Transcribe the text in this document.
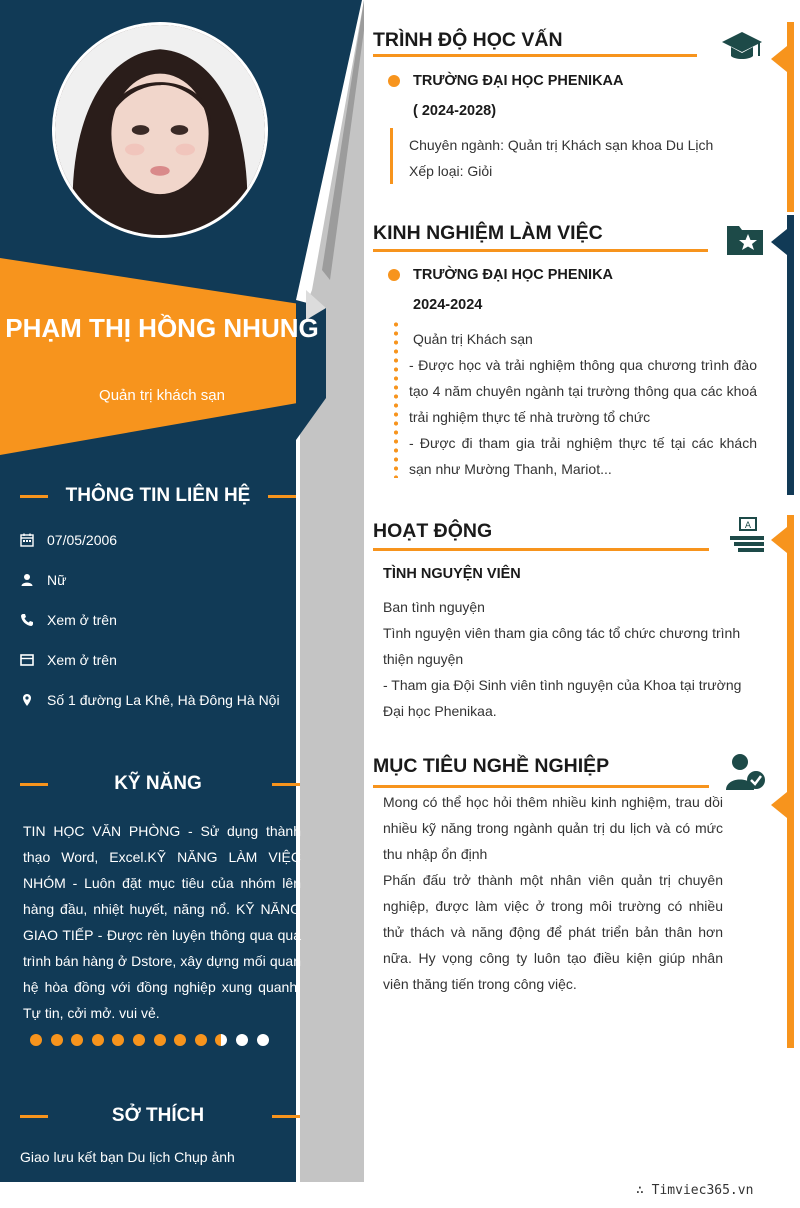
PHẠM THỊ HỒNG NHUNG
Quản trị khách sạn
THÔNG TIN LIÊN HỆ
07/05/2006
Nữ
Xem ở trên
Xem ở trên
Số 1 đường La Khê, Hà Đông Hà Nội
KỸ NĂNG
TIN HỌC VĂN PHÒNG - Sử dụng thành thạo Word, Excel.KỸ NĂNG LÀM VIỆC NHÓM - Luôn đặt mục tiêu của nhóm lên hàng đầu, nhiệt huyết, năng nổ. KỸ NĂNG GIAO TIẾP - Được rèn luyện thông qua quá trình bán hàng ở Dstore, xây dựng mối quan hệ hòa đồng với đồng nghiệp xung quanh. Tự tin, cởi mở. vui vẻ.
SỞ THÍCH
Giao lưu kết bạn Du lịch Chụp ảnh
TRÌNH ĐỘ HỌC VẤN
TRƯỜNG ĐẠI HỌC PHENIKAA
( 2024-2028)
Chuyên ngành: Quản trị Khách sạn khoa Du Lịch
Xếp loại: Giỏi
KINH NGHIỆM LÀM VIỆC
TRƯỜNG ĐẠI HỌC PHENIKA
2024-2024
Quản trị Khách sạn
- Được học và trải nghiệm thông qua chương trình đào tạo 4 năm chuyên ngành tại trường thông qua các khoá trải nghiệm thực tế nhà trường tổ chức
- Được đi tham gia trải nghiệm thực tế tại các khách sạn như Mường Thanh, Mariot...
HOẠT ĐỘNG	A
TÌNH NGUYỆN VIÊN
Ban tình nguyện
Tình nguyện viên tham gia công tác tổ chức chương trình thiện nguyện
- Tham gia Đội Sinh viên tình nguyện của Khoa tại trường Đại học Phenikaa.
MỤC TIÊU NGHỀ NGHIỆP
Mong có thể học hỏi thêm nhiều kinh nghiệm, trau dồi nhiều kỹ năng trong ngành quản trị du lịch và có mức thu nhập ổn định
Phấn đấu trở thành một nhân viên quản trị chuyên nghiệp, được làm việc ở trong môi trường có nhiều thử thách và năng động để phát triển bản thân hơn nữa. Hy vọng công ty luôn tạo điều kiện giúp nhân viên thăng tiến trong công việc.
∴ Timviec365.vn
